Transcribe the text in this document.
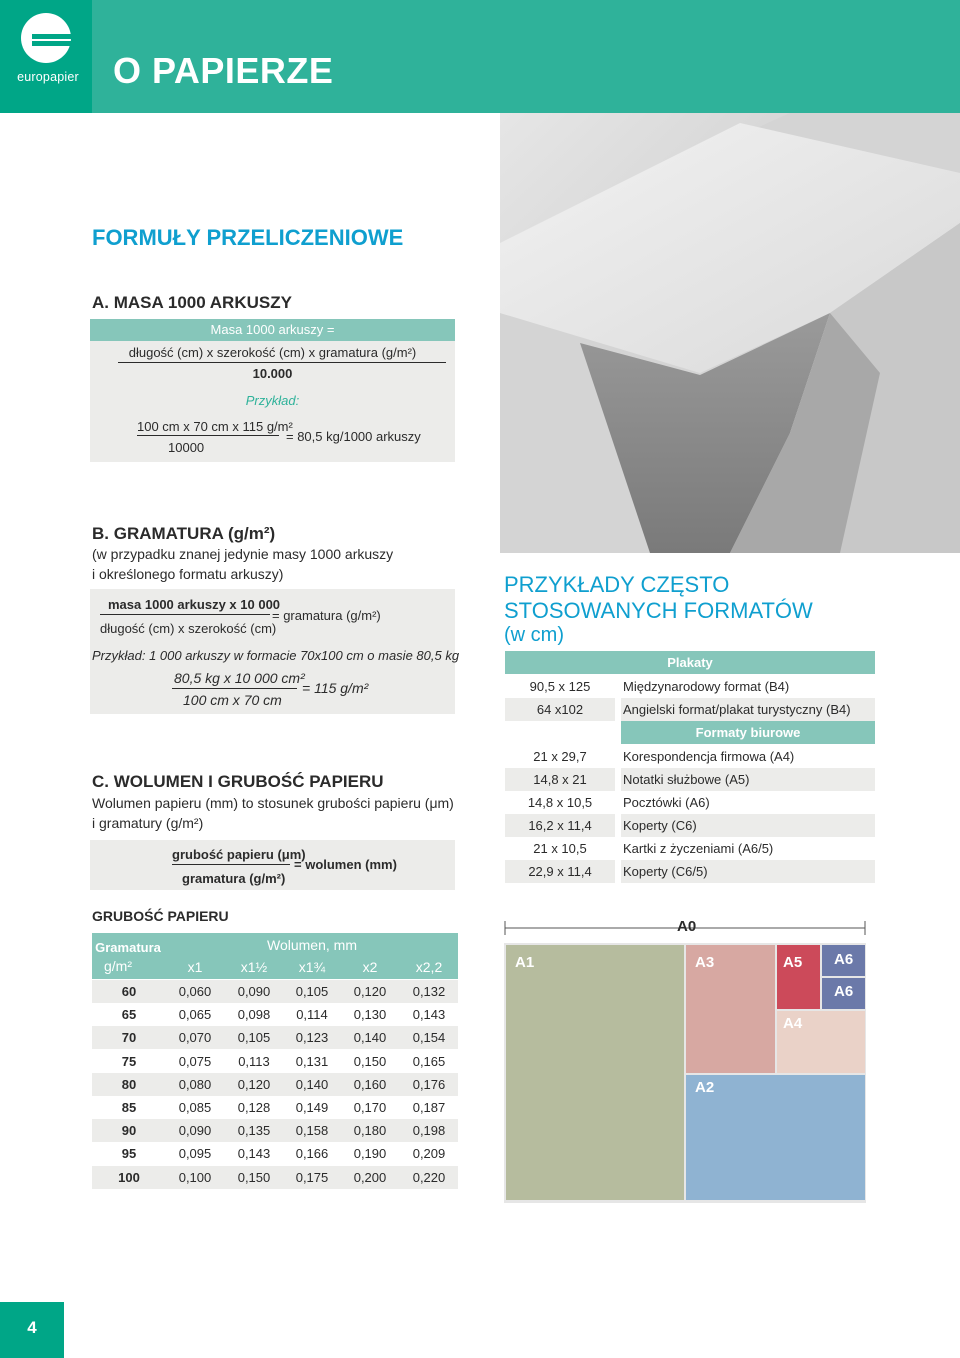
europapier O PAPIERZE
FORMUŁY PRZELICZENIOWE
A. MASA 1000 ARKUSZY
Masa 1000 arkuszy =
długość (cm) x szerokość (cm) x gramatura (g/m²)
10.000
Przykład:
100 cm x 70 cm x 115 g/m²
10000
= 80,5 kg/1000 arkuszy
B. GRAMATURA (g/m²)
(w przypadku znanej jedynie masy 1000 arkuszy
i określonego formatu arkuszy)
masa 1000 arkuszy x 10 000
długość (cm) x szerokość (cm)
= gramatura (g/m²)
Przykład: 1 000 arkuszy w formacie 70x100 cm o masie 80,5 kg
80,5 kg x 10 000 cm²
100 cm x 70 cm
= 115 g/m²
C. WOLUMEN I GRUBOŚĆ PAPIERU
Wolumen papieru (mm) to stosunek grubości papieru (μm)
i gramatury (g/m²)
grubość papieru (μm)
gramatura (g/m²)
= wolumen (mm)
PRZYKŁADY CZĘSTO
STOSOWANYCH FORMATÓW
(w cm)
Plakaty
90,5 x 125	Międzynarodowy format (B4)
64 x102	Angielski format/plakat turystyczny (B4)
Formaty biurowe
21 x 29,7	Korespondencja firmowa (A4)
14,8 x 21	Notatki służbowe (A5)
14,8 x 10,5	Pocztówki (A6)
16,2 x 11,4	Koperty (C6)
21 x 10,5	Kartki z życzeniami (A6/5)
22,9 x 11,4	Koperty (C6/5)
GRUBOŚĆ PAPIERU
Gramatura
g/m²
Wolumen, mm
x1	x1½	x1¾	x2	x2,2
60	0,060	0,090	0,105	0,120	0,132
65	0,065	0,098	0,114	0,130	0,143
70	0,070	0,105	0,123	0,140	0,154
75	0,075	0,113	0,131	0,150	0,165
80	0,080	0,120	0,140	0,160	0,176
85	0,085	0,128	0,149	0,170	0,187
90	0,090	0,135	0,158	0,180	0,198
95	0,095	0,143	0,166	0,190	0,209
100	0,100	0,150	0,175	0,200	0,220
A0
A1	A3	A5 A6
A6
A4
A2
4
